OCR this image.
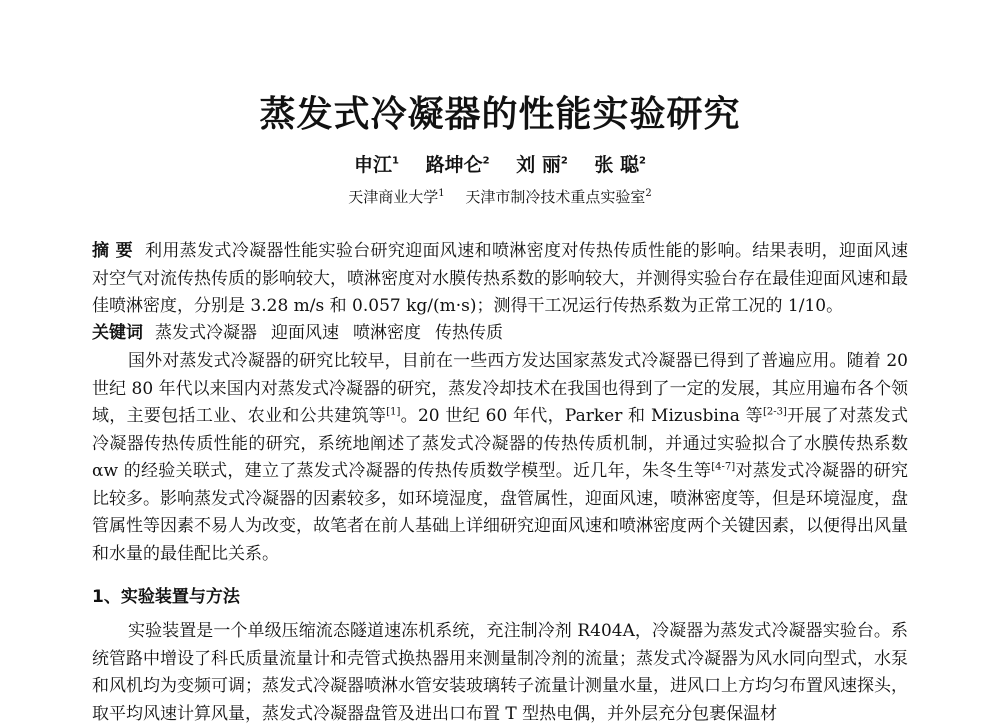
蒸发式冷凝器的性能实验研究
申江$^1$ 路坤仑$^2$ 刘 丽$^2$ 张 聪$^2$
天津商业大学$^1$ 天津市制冷技术重点实验室$^2$
摘 要 利用蒸发式冷凝器性能实验台研究迎面风速和喷淋密度对传热传质性能的影响。结果表明，迎面风速对空气对流传热传质的影响较大，喷淋密度对水膜传热系数的影响较大，并测得实验台存在最佳迎面风速和最佳喷淋密度，分别是 3.28 m/s 和 0.057 kg/(m·s)；测得干工况运行传热系数为正常工况的 1/10。
关键词 蒸发式冷凝器 迎面风速 喷淋密度 传热传质
国外对蒸发式冷凝器的研究比较早，目前在一些西方发达国家蒸发式冷凝器已得到了普遍应用。随着 20 世纪 80 年代以来国内对蒸发式冷凝器的研究，蒸发冷却技术在我国也得到了一定的发展，其应用遍布各个领域，主要包括工业、农业和公共建筑等[1]。20 世纪 60 年代，Parker 和 Mizusbina 等[2-3]开展了对蒸发式冷凝器传热传质性能的研究，系统地阐述了蒸发式冷凝器的传热传质机制，并通过实验拟合了水膜传热系数 αw 的经验关联式，建立了蒸发式冷凝器的传热传质数学模型。近几年，朱冬生等[4-7]对蒸发式冷凝器的研究比较多。影响蒸发式冷凝器的因素较多，如环境湿度，盘管属性，迎面风速，喷淋密度等，但是环境湿度，盘管属性等因素不易人为改变，故笔者在前人基础上详细研究迎面风速和喷淋密度两个关键因素，以便得出风量和水量的最佳配比关系。
1、实验装置与方法
实验装置是一个单级压缩流态隧道速冻机系统，充注制冷剂 R404A，冷凝器为蒸发式冷凝器实验台。系统管路中增设了科氏质量流量计和壳管式换热器用来测量制冷剂的流量；蒸发式冷凝器为风水同向型式，水泵和风机均为变频可调；蒸发式冷凝器喷淋水管安装玻璃转子流量计测量水量，进风口上方均匀布置风速探头，取平均风速计算风量，蒸发式冷凝器盘管及进出口布置 T 型热电偶，并外层充分包裹保温材
